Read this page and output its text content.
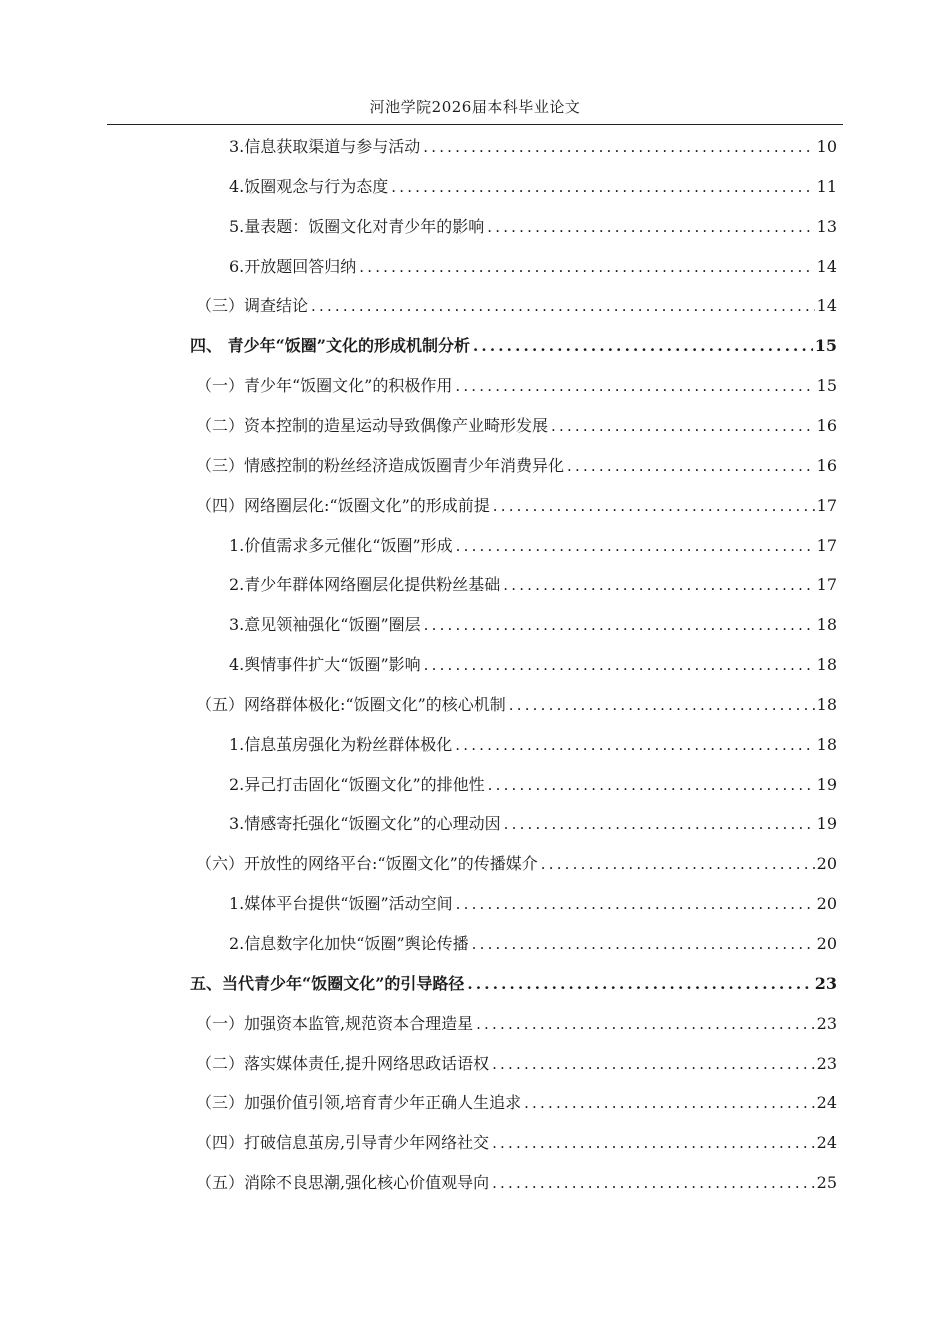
河池学院2026届本科毕业论文
3.信息获取渠道与参与活动 .....	10
4.饭圈观念与行为态度 .....	11
5.量表题：饭圈文化对青少年的影响 .....	13
6.开放题回答归纳 .....	14
（三）调查结论 .....	14
四、 青少年“饭圈”文化的形成机制分析 .....	15
（一）青少年“饭圈文化”的积极作用 .....	15
（二）资本控制的造星运动导致偶像产业畸形发展 .....	16
（三）情感控制的粉丝经济造成饭圈青少年消费异化 .....	16
（四）网络圈层化:“饭圈文化”的形成前提 .....	17
1.价值需求多元催化“饭圈”形成 .....	17
2.青少年群体网络圈层化提供粉丝基础 .....	17
3.意见领袖强化“饭圈”圈层 .....	18
4.舆情事件扩大“饭圈”影响 .....	18
（五）网络群体极化:“饭圈文化”的核心机制 .....	18
1.信息茧房强化为粉丝群体极化 .....	18
2.异己打击固化“饭圈文化”的排他性 .....	19
3.情感寄托强化“饭圈文化”的心理动因 .....	19
（六）开放性的网络平台:“饭圈文化”的传播媒介 .....	20
1.媒体平台提供“饭圈”活动空间 .....	20
2.信息数字化加快“饭圈”舆论传播 .....	20
五、当代青少年“饭圈文化”的引导路径 .....	23
（一）加强资本监管,规范资本合理造星 .....	23
（二）落实媒体责任,提升网络思政话语权 .....	23
（三）加强价值引领,培育青少年正确人生追求 .....	24
（四）打破信息茧房,引导青少年网络社交 .....	24
（五）消除不良思潮,强化核心价值观导向 .....	25
